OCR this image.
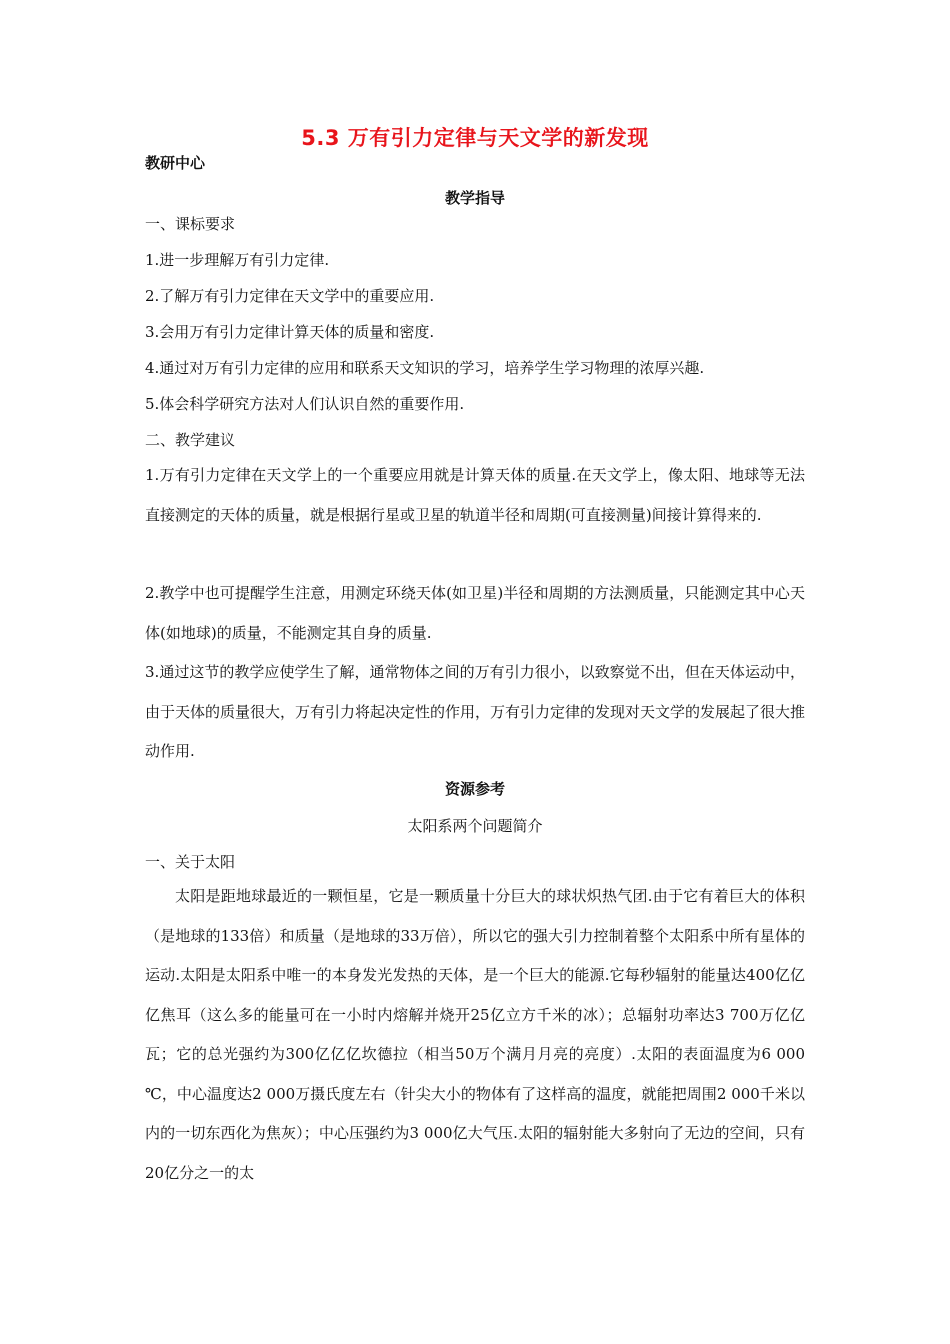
5.3 万有引力定律与天文学的新发现
教研中心
教学指导
一、课标要求
1.进一步理解万有引力定律.
2.了解万有引力定律在天文学中的重要应用.
3.会用万有引力定律计算天体的质量和密度.
4.通过对万有引力定律的应用和联系天文知识的学习，培养学生学习物理的浓厚兴趣.
5.体会科学研究方法对人们认识自然的重要作用.
二、教学建议
1.万有引力定律在天文学上的一个重要应用就是计算天体的质量.在天文学上，像太阳、地球等无法直接测定的天体的质量，就是根据行星或卫星的轨道半径和周期(可直接测量)间接计算得来的.
2.教学中也可提醒学生注意，用测定环绕天体(如卫星)半径和周期的方法测质量，只能测定其中心天体(如地球)的质量，不能测定其自身的质量.
3.通过这节的教学应使学生了解，通常物体之间的万有引力很小，以致察觉不出，但在天体运动中，由于天体的质量很大，万有引力将起决定性的作用，万有引力定律的发现对天文学的发展起了很大推动作用.
资源参考
太阳系两个问题简介
一、关于太阳
太阳是距地球最近的一颗恒星，它是一颗质量十分巨大的球状炽热气团.由于它有着巨大的体积（是地球的133倍）和质量（是地球的33万倍），所以它的强大引力控制着整个太阳系中所有星体的运动.太阳是太阳系中唯一的本身发光发热的天体，是一个巨大的能源.它每秒辐射的能量达400亿亿亿焦耳（这么多的能量可在一小时内熔解并烧开25亿立方千米的冰）；总辐射功率达3 700万亿亿瓦；它的总光强约为300亿亿亿坎德拉（相当50万个满月月亮的亮度）.太阳的表面温度为6 000 ℃，中心温度达2 000万摄氏度左右（针尖大小的物体有了这样高的温度，就能把周围2 000千米以内的一切东西化为焦灰）；中心压强约为3 000亿大气压.太阳的辐射能大多射向了无边的空间，只有20亿分之一的太
